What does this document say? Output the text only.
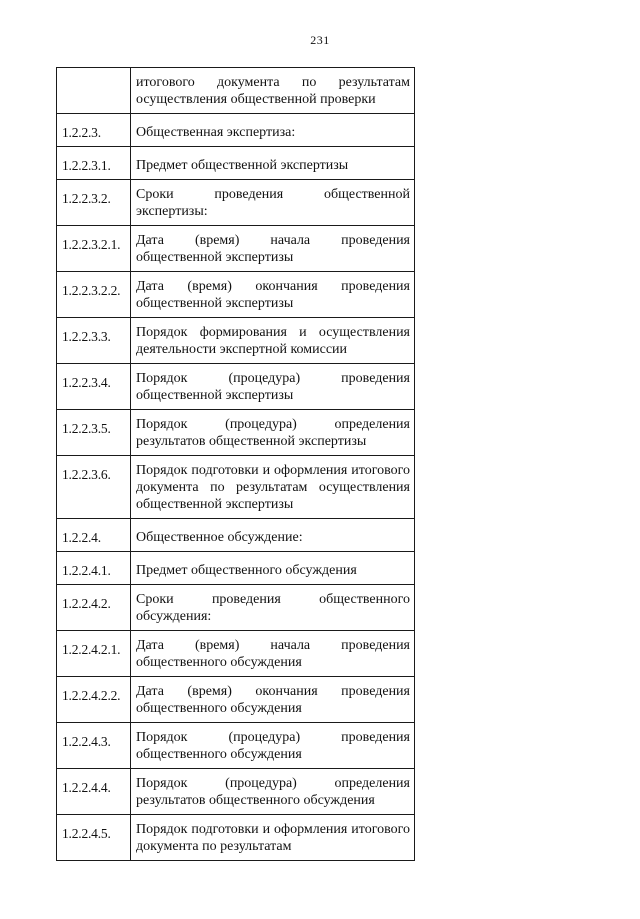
231
	итогового документа по результатам осуществления общественной проверки
1.2.2.3.	Общественная экспертиза:
1.2.2.3.1.	Предмет общественной экспертизы
1.2.2.3.2.	Сроки проведения общественной экспертизы:
1.2.2.3.2.1.	Дата (время) начала проведения общественной экспертизы
1.2.2.3.2.2.	Дата (время) окончания проведения общественной экспертизы
1.2.2.3.3.	Порядок формирования и осуществления деятельности экспертной комиссии
1.2.2.3.4.	Порядок (процедура) проведения общественной экспертизы
1.2.2.3.5.	Порядок (процедура) определения результатов общественной экспертизы
1.2.2.3.6.	Порядок подготовки и оформления итогового документа по результатам осуществления общественной экспертизы
1.2.2.4.	Общественное обсуждение:
1.2.2.4.1.	Предмет общественного обсуждения
1.2.2.4.2.	Сроки проведения общественного обсуждения:
1.2.2.4.2.1.	Дата (время) начала проведения общественного обсуждения
1.2.2.4.2.2.	Дата (время) окончания проведения общественного обсуждения
1.2.2.4.3.	Порядок (процедура) проведения общественного обсуждения
1.2.2.4.4.	Порядок (процедура) определения результатов общественного обсуждения
1.2.2.4.5.	Порядок подготовки и оформления итогового документа по результатам
